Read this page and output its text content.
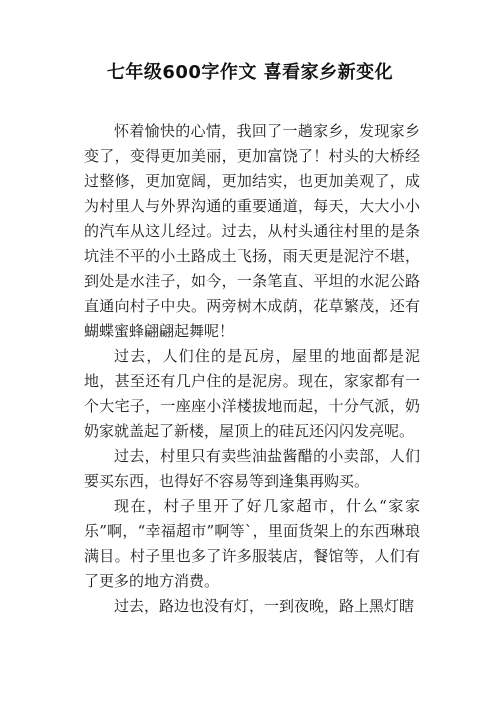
七年级600字作文 喜看家乡新变化

怀着愉快的心情，我回了一趟家乡，发现家乡变了，变得更加美丽，更加富饶了！村头的大桥经过整修，更加宽阔，更加结实，也更加美观了，成为村里人与外界沟通的重要通道，每天，大大小小的汽车从这儿经过。过去，从村头通往村里的是条坑洼不平的小土路成土飞扬，雨天更是泥泞不堪，到处是水洼子，如今，一条笔直、平坦的水泥公路直通向村子中央。两旁树木成荫，花草繁茂，还有蝴蝶蜜蜂翩翩起舞呢！

过去，人们住的是瓦房，屋里的地面都是泥地，甚至还有几户住的是泥房。现在，家家都有一个大宅子，一座座小洋楼拔地而起，十分气派，奶奶家就盖起了新楼，屋顶上的硅瓦还闪闪发亮呢。

过去，村里只有卖些油盐酱醋的小卖部，人们要买东西，也得好不容易等到逢集再购买。

现在，村子里开了好几家超市，什么“家家乐”啊，“幸福超市”啊等`，里面货架上的东西琳琅满目。村子里也多了许多服装店，餐馆等，人们有了更多的地方消费。

过去，路边也没有灯，一到夜晚，路上黑灯瞎
